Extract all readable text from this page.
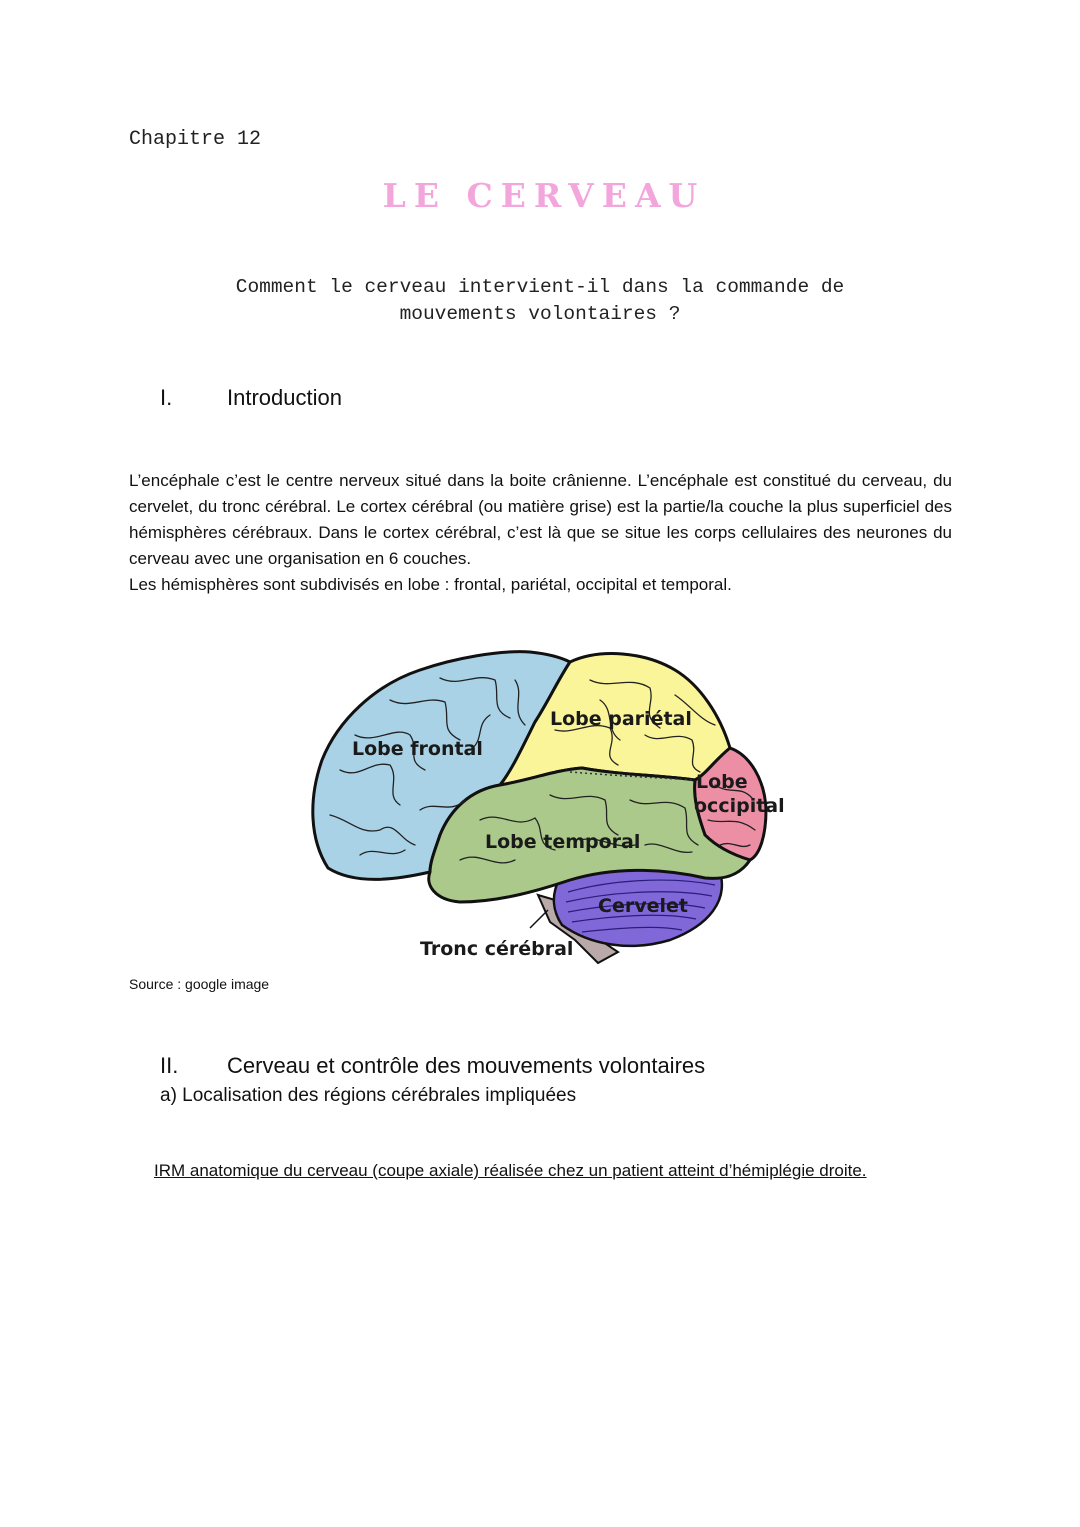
Chapitre 12
LE CERVEAU
Comment le cerveau intervient-il dans la commande de
mouvements volontaires ?
I. Introduction

L’encéphale c’est le centre nerveux situé dans la boite crânienne. L’encéphale est constitué du cerveau, du cervelet, du tronc cérébral. Le cortex cérébral (ou matière grise) est la partie/la couche la plus superficiel des hémisphères cérébraux. Dans le cortex cérébral, c’est là que se situe les corps cellulaires des neurones du cerveau avec une organisation en 6 couches.

Les hémisphères sont subdivisés en lobe : frontal, pariétal, occipital et temporal.

Lobe frontal
Lobe pariétal
Lobe
occipital
Lobe temporal
Cervelet
Tronc cérébral
Source : google image
II. Cerveau et contrôle des mouvements volontaires
a) Localisation des régions cérébrales impliquées
IRM anatomique du cerveau (coupe axiale) réalisée chez un patient atteint d’hémiplégie droite.
